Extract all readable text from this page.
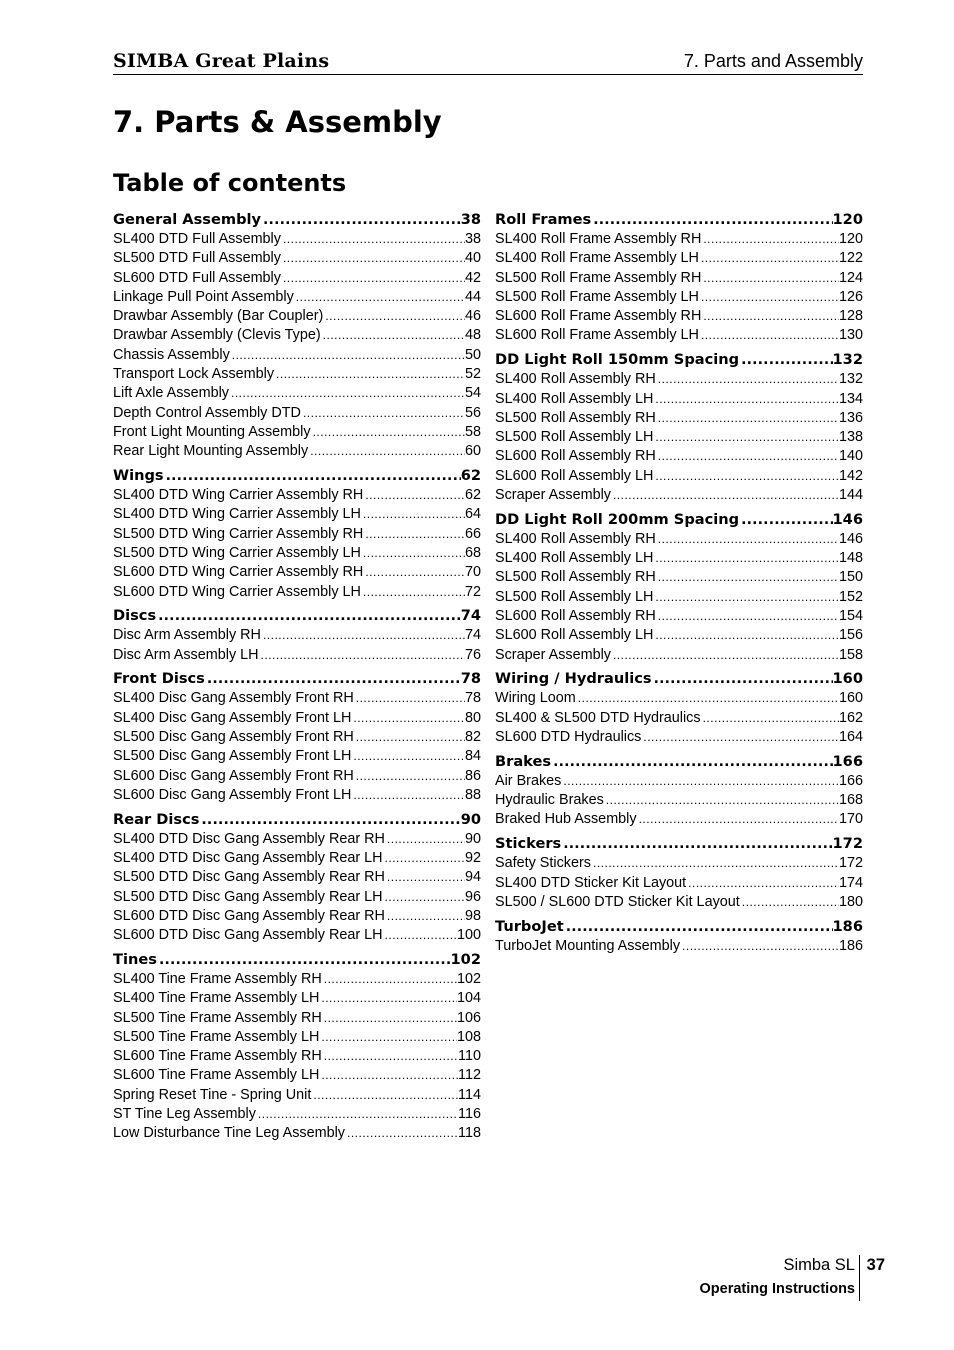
SIMBA Great Plains	7. Parts and Assembly
7. Parts & Assembly
Table of contents
General Assembly .....	38
SL400 DTD Full Assembly .....	38
SL500 DTD Full Assembly .....	40
SL600 DTD Full Assembly .....	42
Linkage Pull Point Assembly .....	44
Drawbar Assembly (Bar Coupler) .....	46
Drawbar Assembly (Clevis Type) .....	48
Chassis Assembly .....	50
Transport Lock Assembly .....	52
Lift Axle Assembly .....	54
Depth Control Assembly DTD .....	56
Front Light Mounting Assembly .....	58
Rear Light Mounting Assembly .....	60
Wings .....	62
SL400 DTD Wing Carrier Assembly RH .....	62
SL400 DTD Wing Carrier Assembly LH .....	64
SL500 DTD Wing Carrier Assembly RH .....	66
SL500 DTD Wing Carrier Assembly LH .....	68
SL600 DTD Wing Carrier Assembly RH .....	70
SL600 DTD Wing Carrier Assembly LH .....	72
Discs .....	74
Disc Arm Assembly RH .....	74
Disc Arm Assembly LH .....	76
Front Discs .....	78
SL400 Disc Gang Assembly Front RH .....	78
SL400 Disc Gang Assembly Front LH .....	80
SL500 Disc Gang Assembly Front RH .....	82
SL500 Disc Gang Assembly Front LH .....	84
SL600 Disc Gang Assembly Front RH .....	86
SL600 Disc Gang Assembly Front LH .....	88
Rear Discs .....	90
SL400 DTD Disc Gang Assembly Rear RH .....	90
SL400 DTD Disc Gang Assembly Rear LH .....	92
SL500 DTD Disc Gang Assembly Rear RH .....	94
SL500 DTD Disc Gang Assembly Rear LH .....	96
SL600 DTD Disc Gang Assembly Rear RH .....	98
SL600 DTD Disc Gang Assembly Rear LH .....	100
Tines .....	102
SL400 Tine Frame Assembly RH .....	102
SL400 Tine Frame Assembly LH .....	104
SL500 Tine Frame Assembly RH .....	106
SL500 Tine Frame Assembly LH .....	108
SL600 Tine Frame Assembly RH .....	110
SL600 Tine Frame Assembly LH .....	112
Spring Reset Tine - Spring Unit .....	114
ST Tine Leg Assembly .....	116
Low Disturbance Tine Leg Assembly .....	118
Roll Frames .....	120
SL400 Roll Frame Assembly RH .....	120
SL400 Roll Frame Assembly LH .....	122
SL500 Roll Frame Assembly RH .....	124
SL500 Roll Frame Assembly LH .....	126
SL600 Roll Frame Assembly RH .....	128
SL600 Roll Frame Assembly LH .....	130
DD Light Roll 150mm Spacing .....	132
SL400 Roll Assembly RH .....	132
SL400 Roll Assembly LH .....	134
SL500 Roll Assembly RH .....	136
SL500 Roll Assembly LH .....	138
SL600 Roll Assembly RH .....	140
SL600 Roll Assembly LH .....	142
Scraper Assembly .....	144
DD Light Roll 200mm Spacing .....	146
SL400 Roll Assembly RH .....	146
SL400 Roll Assembly LH .....	148
SL500 Roll Assembly RH .....	150
SL500 Roll Assembly LH .....	152
SL600 Roll Assembly RH .....	154
SL600 Roll Assembly LH .....	156
Scraper Assembly .....	158
Wiring / Hydraulics .....	160
Wiring Loom .....	160
SL400 & SL500 DTD Hydraulics .....	162
SL600 DTD Hydraulics .....	164
Brakes .....	166
Air Brakes .....	166
Hydraulic Brakes .....	168
Braked Hub Assembly .....	170
Stickers .....	172
Safety Stickers .....	172
SL400 DTD Sticker Kit Layout .....	174
SL500 / SL600 DTD Sticker Kit Layout .....	180
TurboJet .....	186
TurboJet Mounting Assembly .....	186
Simba SL 37
Operating Instructions
